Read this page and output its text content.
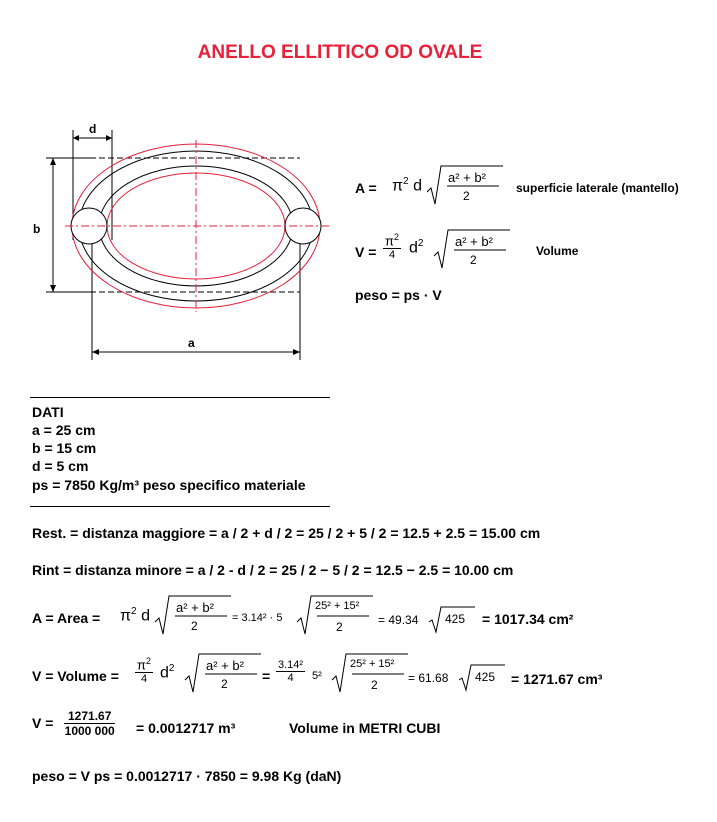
ANELLO ELLITTICO OD OVALE
d
b
a
$A = \pi^2$ d a² + b²
2
superficie laterale (mantello)
V =
$\pi^2$
4 $d^2$ a² + b²
2
Volume
peso = ps · V
DATI
a = 25 cm
b = 15 cm
d = 5 cm
ps = 7850 Kg/m³ peso specifico materiale
Rest. = distanza maggiore = a / 2 + d / 2 = 25 / 2 + 5 / 2 = 12.5 + 2.5 = 15.00 cm
Rint = distanza minore = a / 2 - d / 2 = 25 / 2 − 5 / 2 = 12.5 − 2.5 = 10.00 cm
A = Area = $\pi^2$ d a² + b²
2
= 3.14² · 5
25² + 15²
2	= 49.34 425 = 1017.34 cm²
V = Volume =
$\pi^2$
4 $d^2$ a² + b²
$2 = \frac{\text{3.14²}}{4} 5^2$
25² + 15²
2	= 61.68 425 = 1271.67 cm³
$V = \frac{1271.67}{1000 000} = 0.0012717$ m³	Volume in METRI CUBI
peso = V ps = 0.0012717 · 7850 = 9.98 Kg (daN)
